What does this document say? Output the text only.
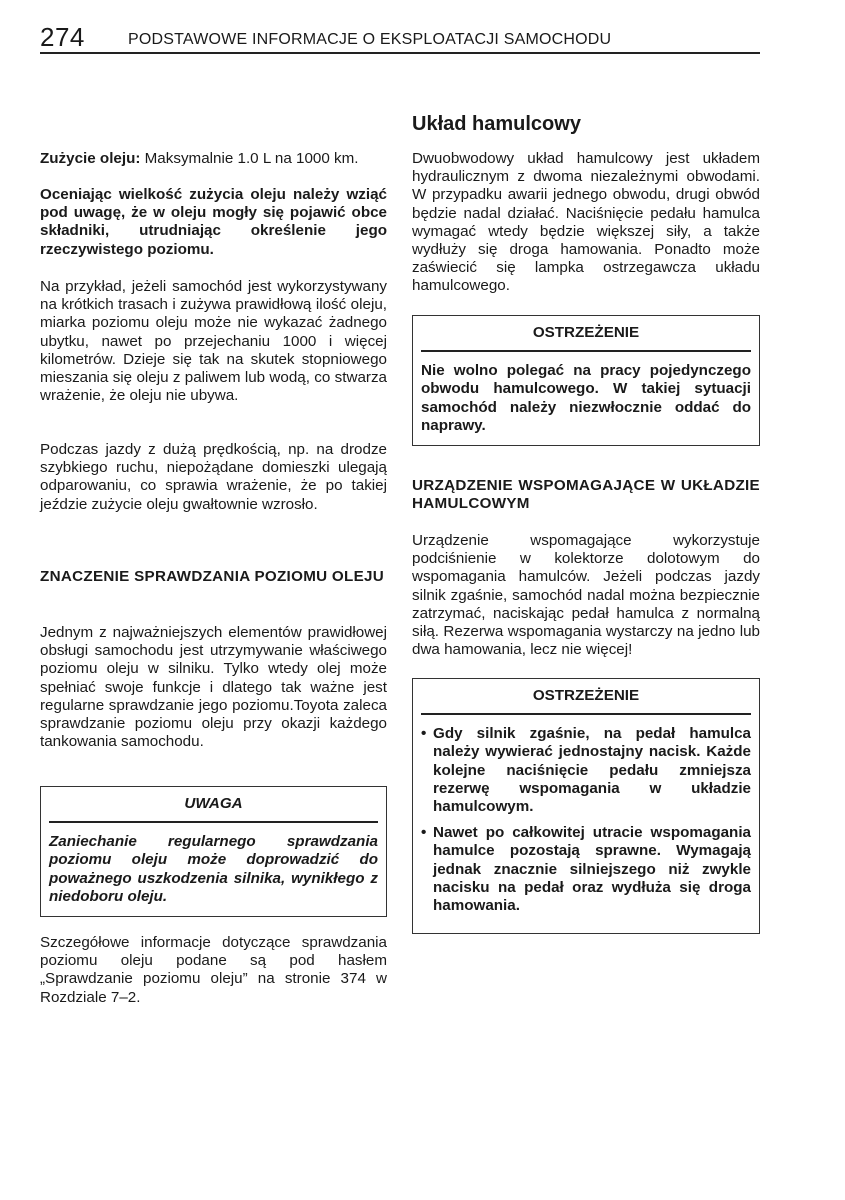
274	PODSTAWOWE INFORMACJE O EKSPLOATACJI SAMOCHODU

Zużycie oleju: Maksymalnie 1.0 L na 1000 km.

Oceniając wielkość zużycia oleju należy wziąć pod uwagę, że w oleju mogły się pojawić obce składniki, utrudniając określenie jego rzeczywistego poziomu.

Na przykład, jeżeli samochód jest wykorzystywany na krótkich trasach i zużywa prawidłową ilość oleju, miarka poziomu oleju może nie wykazać żadnego ubytku, nawet po przejechaniu 1000 i więcej kilometrów. Dzieje się tak na skutek stopniowego mieszania się oleju z paliwem lub wodą, co stwarza wrażenie, że oleju nie ubywa.

Podczas jazdy z dużą prędkością, np. na drodze szybkiego ruchu, niepożądane domieszki ulegają odparowaniu, co sprawia wrażenie, że po takiej jeździe zużycie oleju gwałtownie wzrosło.

ZNACZENIE SPRAWDZANIA POZIOMU OLEJU

Jednym z najważniejszych elementów prawidłowej obsługi samochodu jest utrzymywanie właściwego poziomu oleju w silniku. Tylko wtedy olej może spełniać swoje funkcje i dlatego tak ważne jest regularne sprawdzanie jego poziomu.Toyota zaleca sprawdzanie poziomu oleju przy okazji każdego tankowania samochodu.

UWAGA
Zaniechanie regularnego sprawdzania poziomu oleju może doprowadzić do poważnego uszkodzenia silnika, wynikłego z niedoboru oleju.

Szczegółowe informacje dotyczące sprawdzania poziomu oleju podane są pod hasłem „Sprawdzanie poziomu oleju” na stronie 374 w Rozdziale 7–2.

Układ hamulcowy

Dwuobwodowy układ hamulcowy jest układem hydraulicznym z dwoma niezależnymi obwodami. W przypadku awarii jednego obwodu, drugi obwód będzie nadal działać. Naciśnięcie pedału hamulca wymagać wtedy będzie większej siły, a także wydłuży się droga hamowania. Ponadto może zaświecić się lampka ostrzegawcza układu hamulcowego.

OSTRZEŻENIE
Nie wolno polegać na pracy pojedynczego obwodu hamulcowego. W takiej sytuacji samochód należy niezwłocznie oddać do naprawy.

URZĄDZENIE WSPOMAGAJĄCE W UKŁADZIE HAMULCOWYM

Urządzenie wspomagające wykorzystuje podciśnienie w kolektorze dolotowym do wspomagania hamulców. Jeżeli podczas jazdy silnik zgaśnie, samochód nadal można bezpiecznie zatrzymać, naciskając pedał hamulca z normalną siłą. Rezerwa wspomagania wystarczy na jedno lub dwa hamowania, lecz nie więcej!

OSTRZEŻENIE
• Gdy silnik zgaśnie, na pedał hamulca należy wywierać jednostajny nacisk. Każde kolejne naciśnięcie pedału zmniejsza rezerwę wspomagania w układzie hamulcowym.
• Nawet po całkowitej utracie wspomagania hamulce pozostają sprawne. Wymagają jednak znacznie silniejszego niż zwykle nacisku na pedał oraz wydłuża się droga hamowania.
